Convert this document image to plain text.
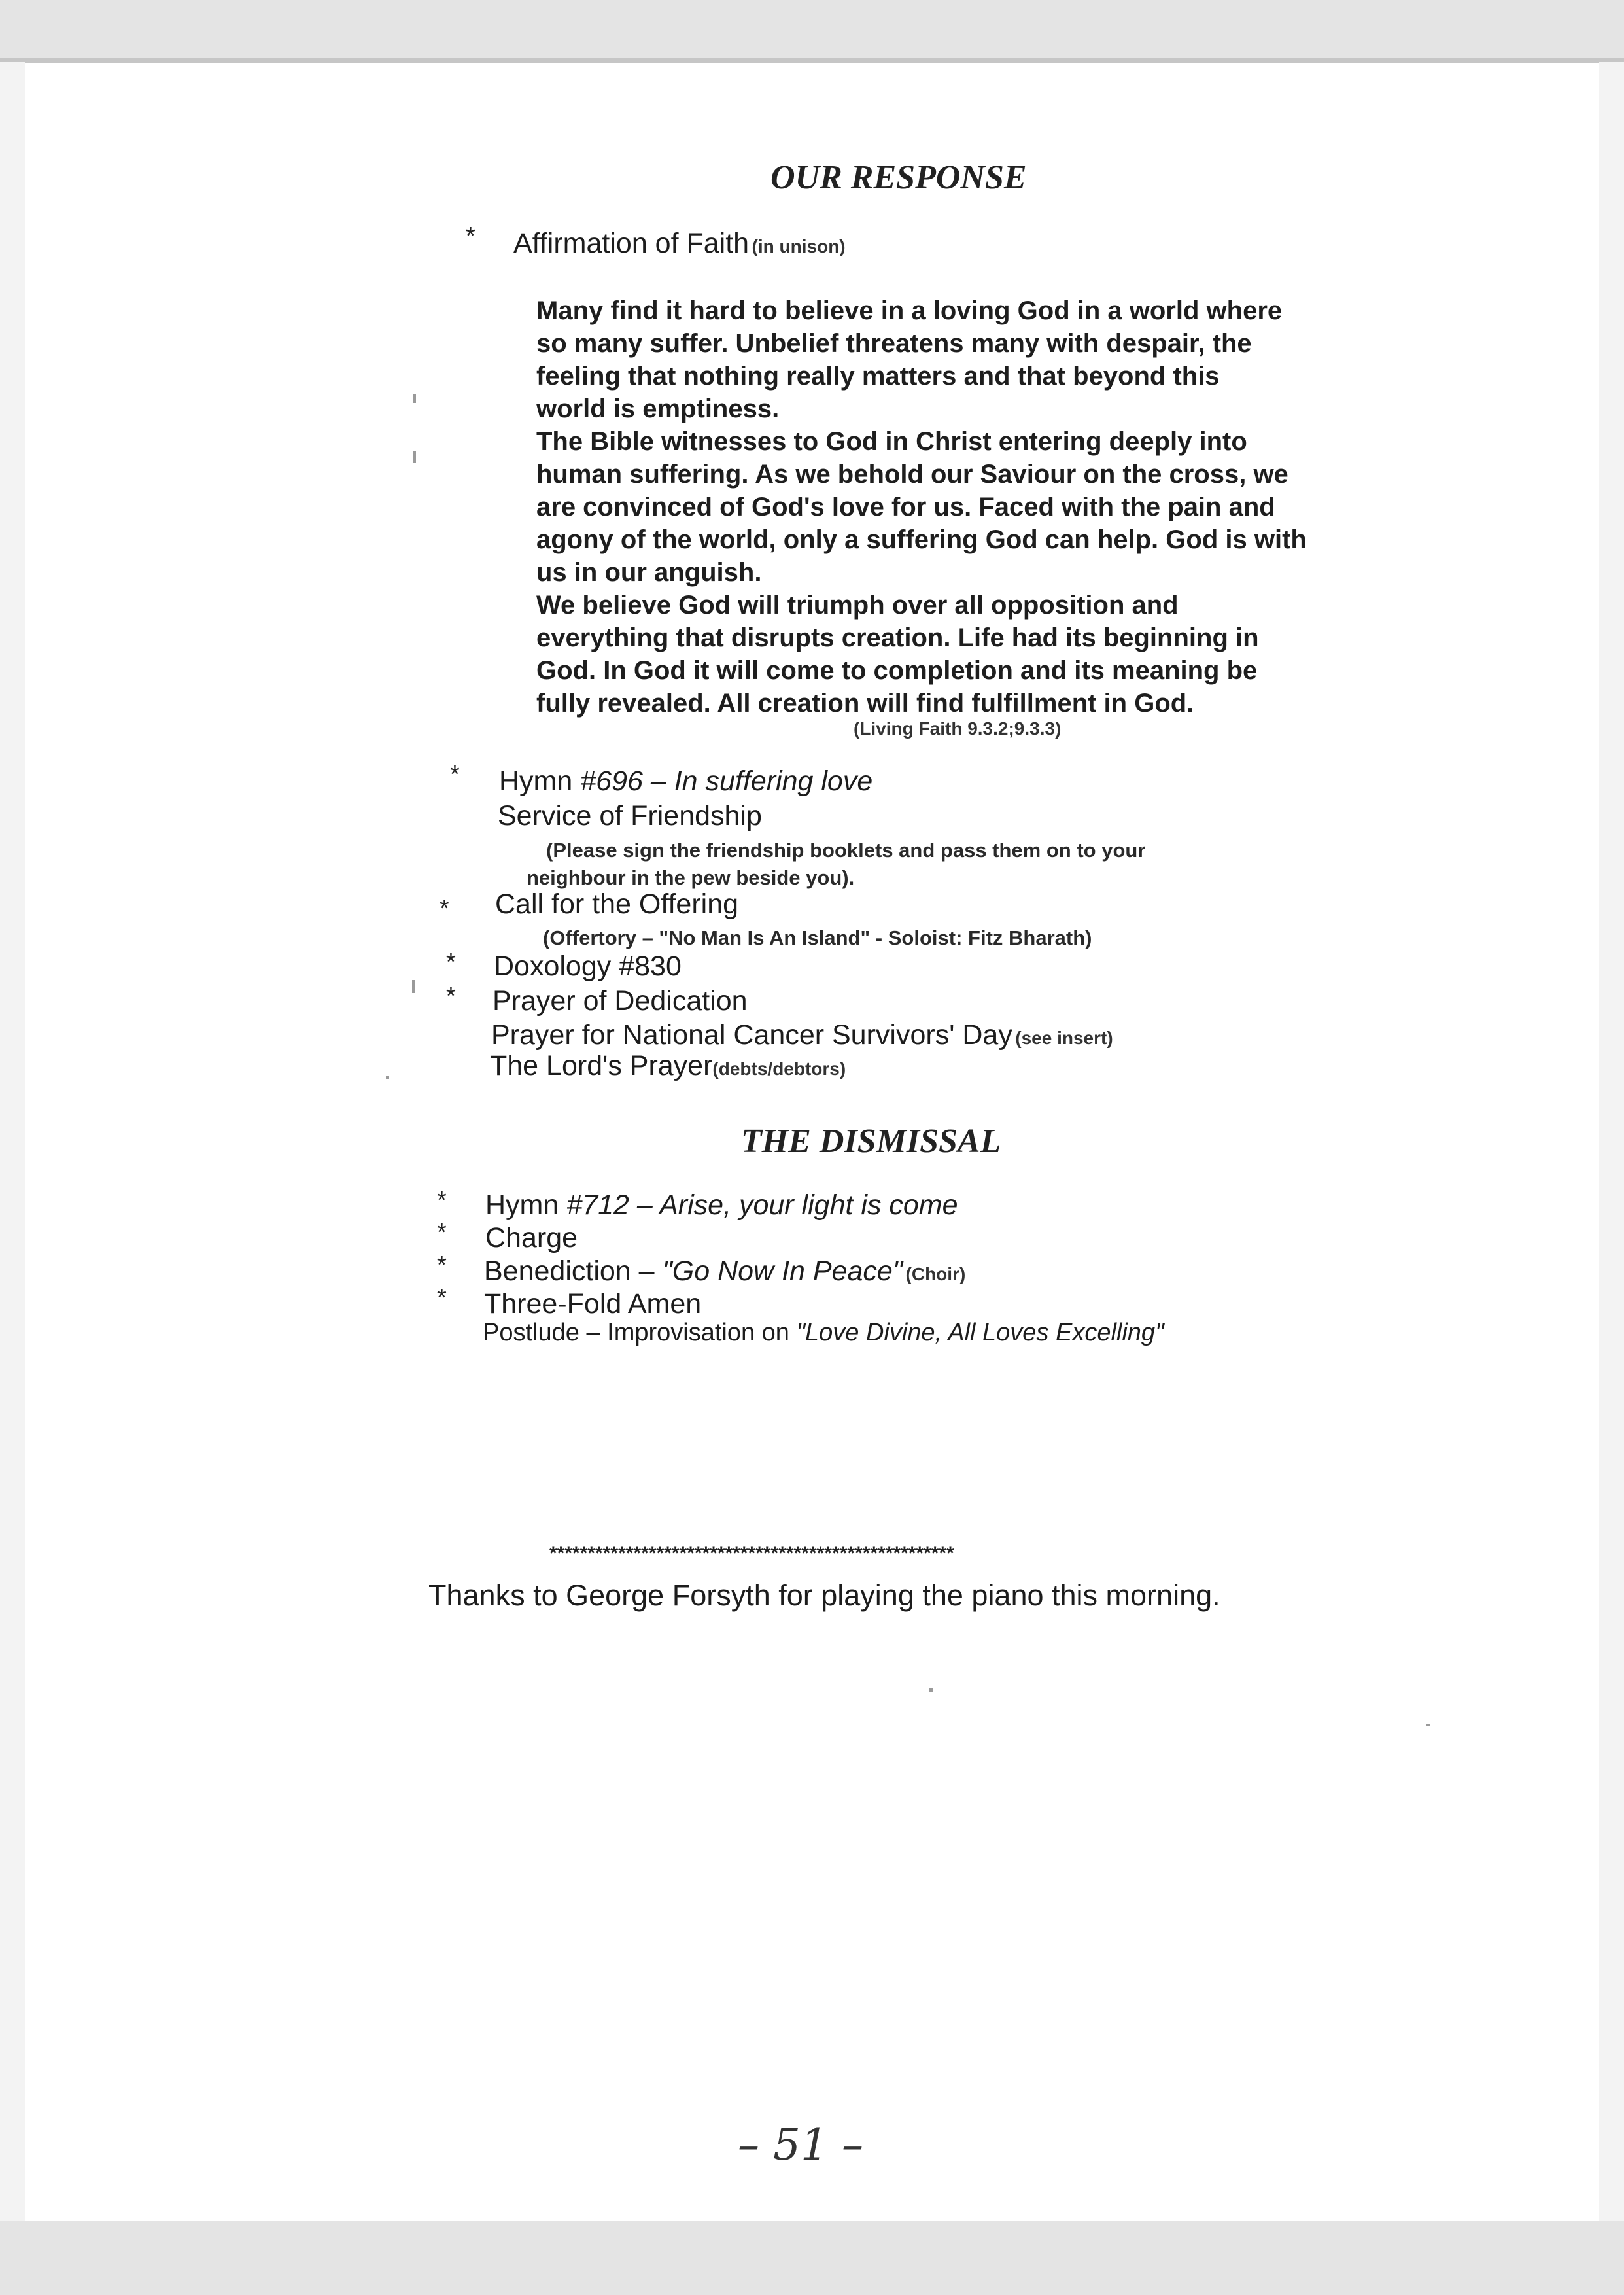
OUR RESPONSE
* Affirmation of Faith (in unison)
Many find it hard to believe in a loving God in a world where
so many suffer. Unbelief threatens many with despair, the
feeling that nothing really matters and that beyond this
world is emptiness.
The Bible witnesses to God in Christ entering deeply into
human suffering. As we behold our Saviour on the cross, we
are convinced of God's love for us. Faced with the pain and
agony of the world, only a suffering God can help. God is with
us in our anguish.
We believe God will triumph over all opposition and
everything that disrupts creation. Life had its beginning in
God. In God it will come to completion and its meaning be
fully revealed. All creation will find fulfillment in God.
(Living Faith 9.3.2;9.3.3)
* Hymn #696 – In suffering love
Service of Friendship
(Please sign the friendship booklets and pass them on to your
neighbour in the pew beside you).
* Call for the Offering
(Offertory – "No Man Is An Island" - Soloist: Fitz Bharath)
* Doxology #830
* Prayer of Dedication
Prayer for National Cancer Survivors' Day (see insert)
The Lord's Prayer(debts/debtors)
THE DISMISSAL
* Hymn #712 – Arise, your light is come
* Charge
* Benediction – "Go Now In Peace" (Choir)
* Three-Fold Amen
Postlude – Improvisation on "Love Divine, All Loves Excelling"
*****************************************************
Thanks to George Forsyth for playing the piano this morning.
– 51 –
